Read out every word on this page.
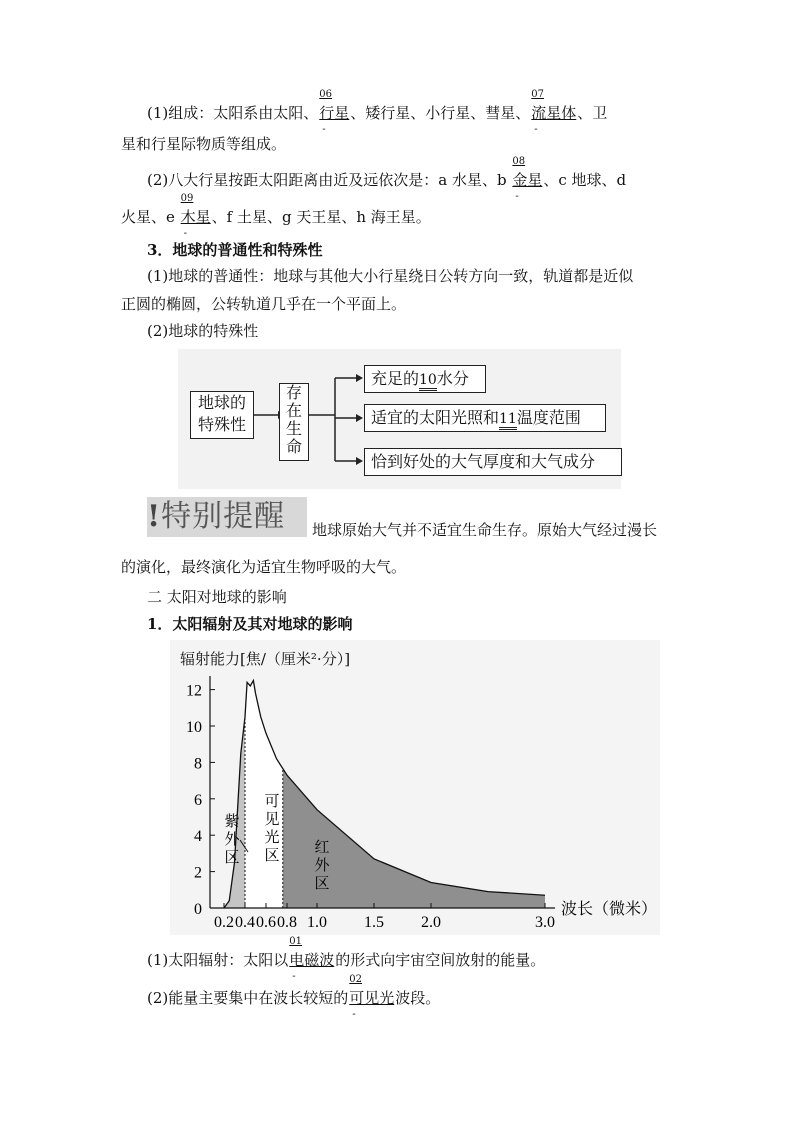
(1)组成：太阳系由太阳、
06
行星
-
、矮行星、小行星、彗星、
07
流星体
-
、卫
星和行星际物质等组成。
(2)八大行星按距太阳距离由近及远依次是：a 水星、b
08
金星
-
、c 地球、d
火星、e
09
木星
-
、f 土星、g 天王星、h 海王星。
3．地球的普通性和特殊性
(1)地球的普通性：地球与其他大小行星绕日公转方向一致，轨道都是近似
正圆的椭圆，公转轨道几乎在一个平面上。
(2)地球的特殊性
地球的
特殊性
存
在
生
命
充足的10水分
适宜的太阳光照和11温度范围
恰到好处的大气厚度和大气成分
!特别提醒	地球原始大气并不适宜生命生存。原始大气经过漫长
的演化，最终演化为适宜生物呼吸的大气。
二 太阳对地球的影响
1．太阳辐射及其对地球的影响
辐射能力[焦/（厘米²·分）]
0
2
4
6
8
10
12
0.2 0.4 0.6 0.8 1.0 1.5 2.0	3.0
波长（微米）
紫
外
区
可
见
光
区 红
外
区
(1)太阳辐射：太阳以
01
电磁波
-
的形式向宇宙空间放射的能量。
(2)能量主要集中在波长较短的
02
可见光
-
波段。
